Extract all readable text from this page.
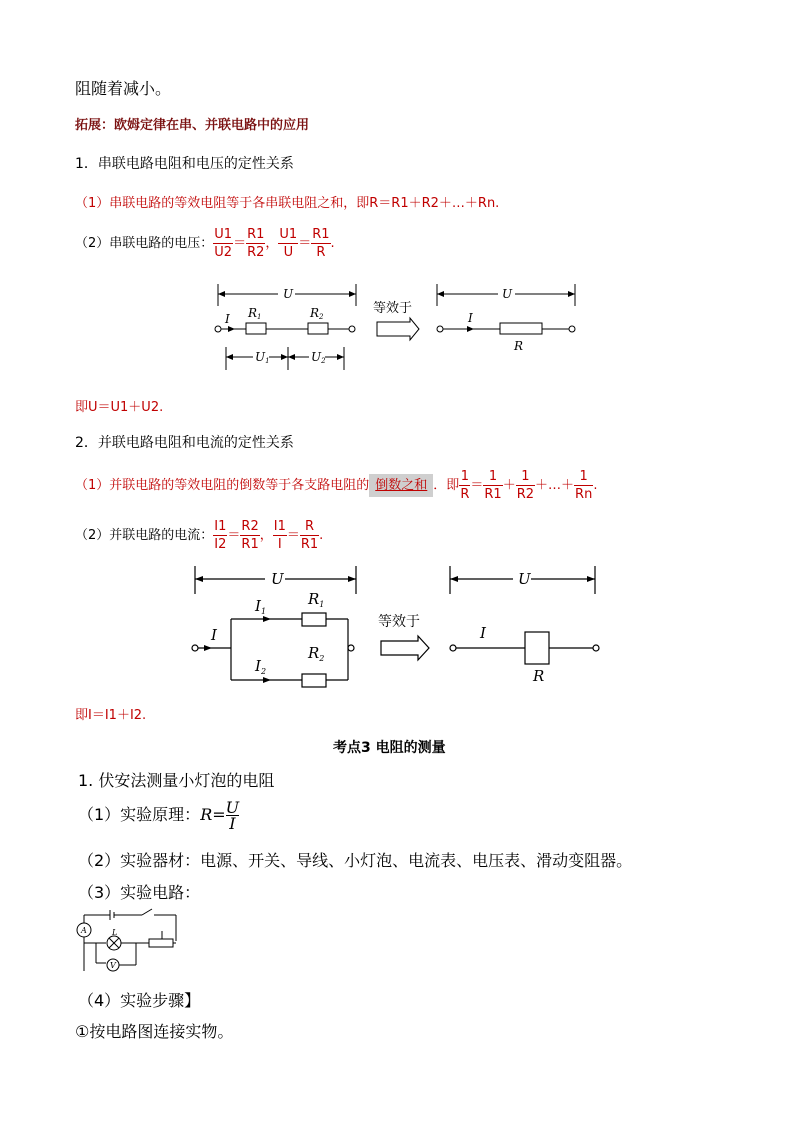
阻随着减小。
拓展：欧姆定律在串、并联电路中的应用
1．串联电路电阻和电压的定性关系
（1）串联电路的等效电阻等于各串联电阻之和，即R＝R1＋R2＋…＋Rn.
（2）串联电路的电压： $\frac{U1}{U2} = \frac{R1}{R2}$ ， $\frac{U1}{U} = \frac{R1}{R}$ .
U
I R1	R2
U1	U2
U
I
R
等效于
即U＝U1＋U2.
2．并联电路电阻和电流的定性关系
（1）并联电路的等效电阻的倒数等于各支路电阻的 倒数之和 ．即 $\frac{1}{R} = \frac{1}{R1} + \frac{1}{R2}$ ＋…＋ $\frac{1}{Rn}$ .
（2）并联电路的电流： $\frac{I1}{I2} = \frac{R2}{R1}$ ， $\frac{I1}{I} = \frac{R}{R1}$ .
U
I
$I_1$
$I_2$
$R_1$
$R_2$
U
I
R
等效于
即I＝I1＋I2.
考点3 电阻的测量
1. 伏安法测量小灯泡的电阻
（1）实验原理：$R= \frac{U}{I}$
（2）实验器材：电源、开关、导线、小灯泡、电流表、电压表、滑动变阻器。
（3）实验电路：
A
V
L
（4）实验步骤】
①按电路图连接实物。
